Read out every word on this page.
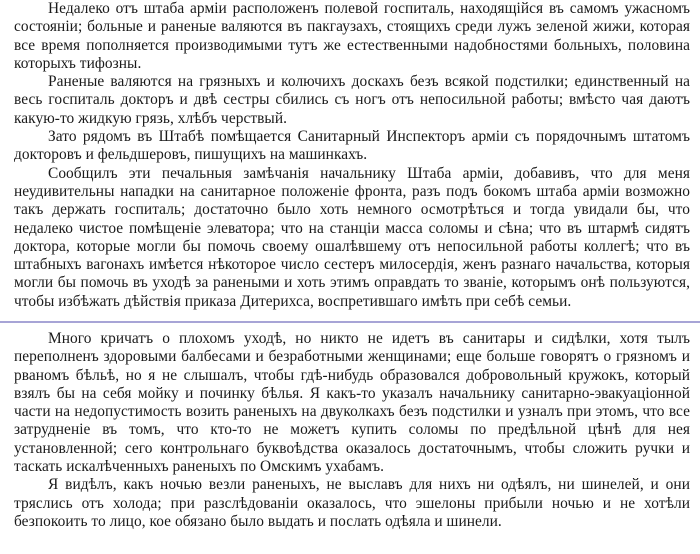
Недалеко отъ штаба арміи расположенъ полевой госпиталь, находящійся въ самомъ ужасномъ состояніи; больные и раненые валяются въ пакгаузахъ, стоящихъ среди лужъ зеленой жижи, которая все время пополняется производимыми тутъ же естественными надобностями больныхъ, половина которыхъ тифозны.

Раненые валяются на грязныхъ и колючихъ доскахъ безъ всякой подстилки; единственный на весь госпиталь докторъ и двѣ сестры сбились съ ногъ отъ непосильной работы; вмѣсто чая даютъ какую-то жидкую грязь, хлѣбъ черствый.

Зато рядомъ въ Штабѣ помѣщается Санитарный Инспекторъ арміи съ порядочнымъ штатомъ докторовъ и фельдшеровъ, пишущихъ на машинкахъ.

Сообщилъ эти печальныя замѣчанія начальнику Штаба арміи, добавивъ, что для меня неудивительны нападки на санитарное положеніе фронта, разъ подъ бокомъ штаба арміи возможно такъ держать госпиталь; достаточно было хоть немного осмотрѣться и тогда увидали бы, что недалеко чистое помѣщеніе элеватора; что на станціи масса соломы и сѣна; что въ штармѣ сидятъ доктора, которые могли бы помочь своему ошалѣвшему отъ непосильной работы коллегѣ; что въ штабныхъ вагонахъ имѣется нѣкоторое число сестеръ милосердія, женъ разнаго начальства, которыя могли бы помочь въ уходѣ за ранеными и хоть этимъ оправдать то званіе, которымъ онѣ пользуются, чтобы избѣжать дѣйствія приказа Дитерихса, воспретившаго имѣть при себѣ семьи.

Много кричатъ о плохомъ уходѣ, но никто не идетъ въ санитары и сидѣлки, хотя тылъ переполненъ здоровыми балбесами и безработными женщинами; еще больше говорятъ о грязномъ и рваномъ бѣльѣ, но я не слышалъ, чтобы гдѣ-нибудь образовался добровольный кружокъ, который взялъ бы на себя мойку и починку бѣлья. Я какъ-то указалъ начальнику санитарно-эвакуаціонной части на недопустимость возить раненыхъ на двуколкахъ безъ подстилки и узналъ при этомъ, что все затрудненіе въ томъ, что кто-то не можетъ купить соломы по предѣльной цѣнѣ для нея установленной; сего контрольнаго буквоѣдства оказалось достаточнымъ, чтобы сложить ручки и таскать искалѣченныхъ раненыхъ по Омскимъ ухабамъ.

Я видѣлъ, какъ ночью везли раненыхъ, не выславъ для нихъ ни одѣялъ, ни шинелей, и они тряслись отъ холода; при разслѣдованіи оказалось, что эшелоны прибыли ночью и не хотѣли безпокоить то лицо, кое обязано было выдать и послать одѣяла и шинели.
